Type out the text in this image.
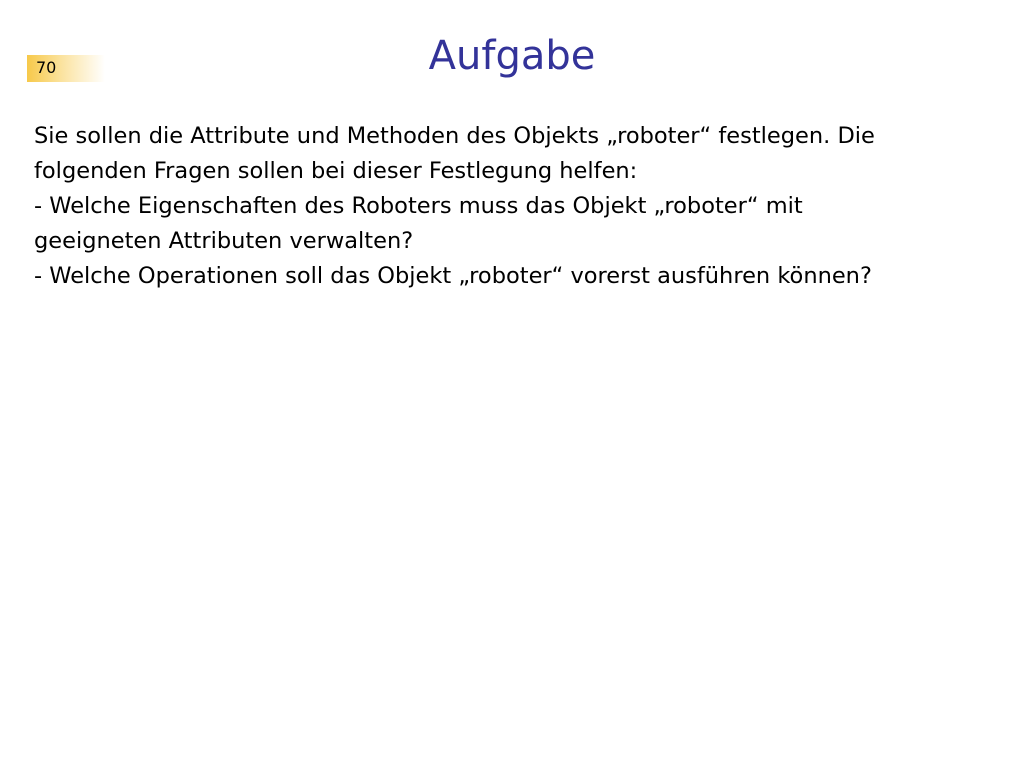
70	Aufgabe
Sie sollen die Attribute und Methoden des Objekts „roboter“ festlegen. Die
folgenden Fragen sollen bei dieser Festlegung helfen:
- Welche Eigenschaften des Roboters muss das Objekt „roboter“ mit
geeigneten Attributen verwalten?
- Welche Operationen soll das Objekt „roboter“ vorerst ausführen können?
